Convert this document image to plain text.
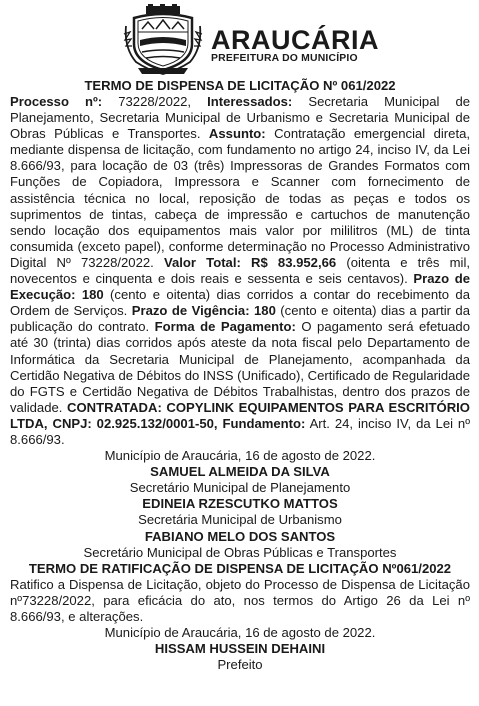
ARAUCÁRIA
PREFEITURA DO MUNICÍPIO
TERMO DE DISPENSA DE LICITAÇÃO Nº 061/2022

Processo nº: 73228/2022, Interessados: Secretaria Municipal de Planejamento, Secretaria Municipal de Urbanismo e Secretaria Municipal de Obras Públicas e Transportes. Assunto: Contratação emergencial direta, mediante dispensa de licitação, com fundamento no artigo 24, inciso IV, da Lei 8.666/93, para locação de 03 (três) Impressoras de Grandes Formatos com Funções de Copiadora, Impressora e Scanner com fornecimento de assistência técnica no local, reposição de todas as peças e todos os suprimentos de tintas, cabeça de impressão e cartuchos de manutenção sendo locação dos equipamentos mais valor por mililitros (ML) de tinta consumida (exceto papel), conforme determinação no Processo Administrativo Digital Nº 73228/2022. Valor Total: R$ 83.952,66 (oitenta e três mil, novecentos e cinquenta e dois reais e sessenta e seis centavos). Prazo de Execução: 180 (cento e oitenta) dias corridos a contar do recebimento da Ordem de Serviços. Prazo de Vigência: 180 (cento e oitenta) dias a partir da publicação do contrato. Forma de Pagamento: O pagamento será efetuado até 30 (trinta) dias corridos após ateste da nota fiscal pelo Departamento de Informática da Secretaria Municipal de Planejamento, acompanhada da Certidão Negativa de Débitos do INSS (Unificado), Certificado de Regularidade do FGTS e Certidão Negativa de Débitos Trabalhistas, dentro dos prazos de validade. CONTRATADA: COPYLINK EQUIPAMENTOS PARA ESCRITÓRIO LTDA, CNPJ: 02.925.132/0001-50, Fundamento: Art. 24, inciso IV, da Lei nº 8.666/93.

Município de Araucária, 16 de agosto de 2022.
SAMUEL ALMEIDA DA SILVA
Secretário Municipal de Planejamento
EDINEIA RZESCUTKO MATTOS
Secretária Municipal de Urbanismo
FABIANO MELO DOS SANTOS
Secretário Municipal de Obras Públicas e Transportes
TERMO DE RATIFICAÇÃO DE DISPENSA DE LICITAÇÃO Nº061/2022

Ratifico a Dispensa de Licitação, objeto do Processo de Dispensa de Licitação nº73228/2022, para eficácia do ato, nos termos do Artigo 26 da Lei nº 8.666/93, e alterações.

Município de Araucária, 16 de agosto de 2022.
HISSAM HUSSEIN DEHAINI
Prefeito
